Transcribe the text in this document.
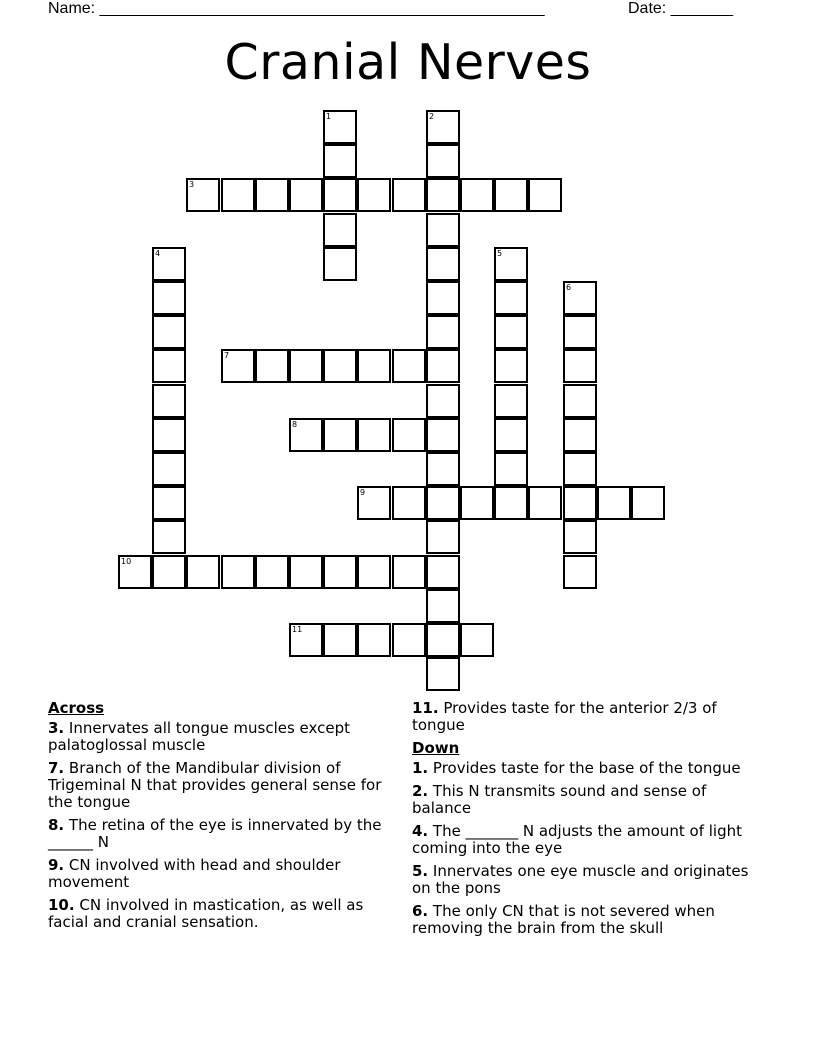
Name: __________________________________________________	Date: _______
Cranial Nerves
1	2
3
4	5
6
7
8
9
10
11
Across
3. Innervates all tongue muscles except palatoglossal muscle
7. Branch of the Mandibular division of Trigeminal N that provides general sense for the tongue
8. The retina of the eye is innervated by the ______ N
9. CN involved with head and shoulder movement
10. CN involved in mastication, as well as facial and cranial sensation.
11. Provides taste for the anterior 2/3 of tongue
Down
1. Provides taste for the base of the tongue
2. This N transmits sound and sense of balance
4. The _______ N adjusts the amount of light coming into the eye
5. Innervates one eye muscle and originates on the pons
6. The only CN that is not severed when removing the brain from the skull
